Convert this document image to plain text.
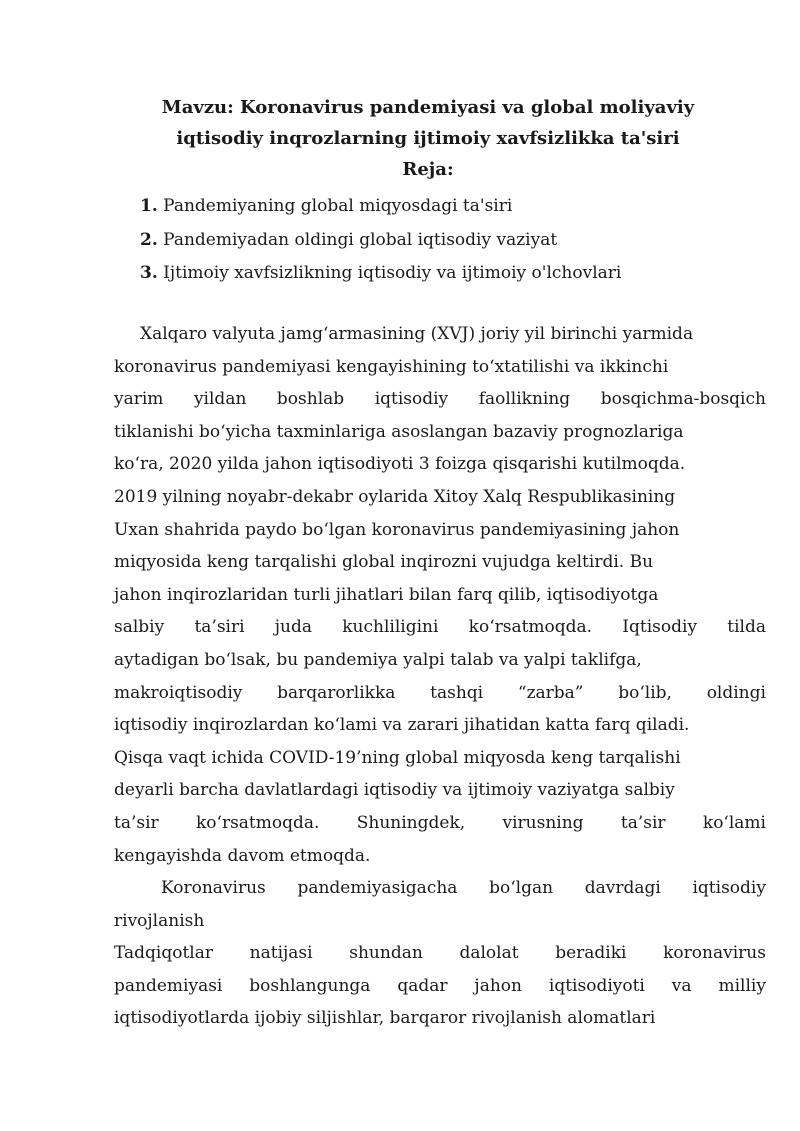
Mavzu: Koronavirus pandemiyasi va global moliyaviy
iqtisodiy inqrozlarning ijtimoiy xavfsizlikka ta'siri
Reja:
1. Pandemiyaning global miqyosdagi ta'siri
2. Pandemiyadan oldingi global iqtisodiy vaziyat
3. Ijtimoiy xavfsizlikning iqtisodiy va ijtimoiy o'lchovlari
Xalqaro valyuta jamg‘armasining (XVJ) joriy yil birinchi yarmida
koronavirus pandemiyasi kengayishining to‘xtatilishi va ikkinchi
yarim yildan boshlab iqtisodiy faollikning bosqichma-bosqich
tiklanishi bo‘yicha taxminlariga asoslangan bazaviy prognozlariga
ko‘ra, 2020 yilda jahon iqtisodiyoti 3 foizga qisqarishi kutilmoqda.
2019 yilning noyabr-dekabr oylarida Xitoy Xalq Respublikasining
Uxan shahrida paydo bo‘lgan koronavirus pandemiyasining jahon
miqyosida keng tarqalishi global inqirozni vujudga keltirdi. Bu
jahon inqirozlaridan turli jihatlari bilan farq qilib, iqtisodiyotga
salbiy ta’siri juda kuchliligini ko‘rsatmoqda. Iqtisodiy tilda
aytadigan bo‘lsak, bu pandemiya yalpi talab va yalpi taklifga,
makroiqtisodiy barqarorlikka tashqi “zarba” bo‘lib, oldingi
iqtisodiy inqirozlardan ko‘lami va zarari jihatidan katta farq qiladi.
Qisqa vaqt ichida COVID-19’ning global miqyosda keng tarqalishi
deyarli barcha davlatlardagi iqtisodiy va ijtimoiy vaziyatga salbiy
ta’sir ko‘rsatmoqda. Shuningdek, virusning ta’sir ko‘lami
kengayishda davom etmoqda.
Koronavirus pandemiyasigacha bo‘lgan davrdagi iqtisodiy
rivojlanish
Tadqiqotlar natijasi shundan dalolat beradiki koronavirus
pandemiyasi boshlangunga qadar jahon iqtisodiyoti va milliy
iqtisodiyotlarda ijobiy siljishlar, barqaror rivojlanish alomatlari
